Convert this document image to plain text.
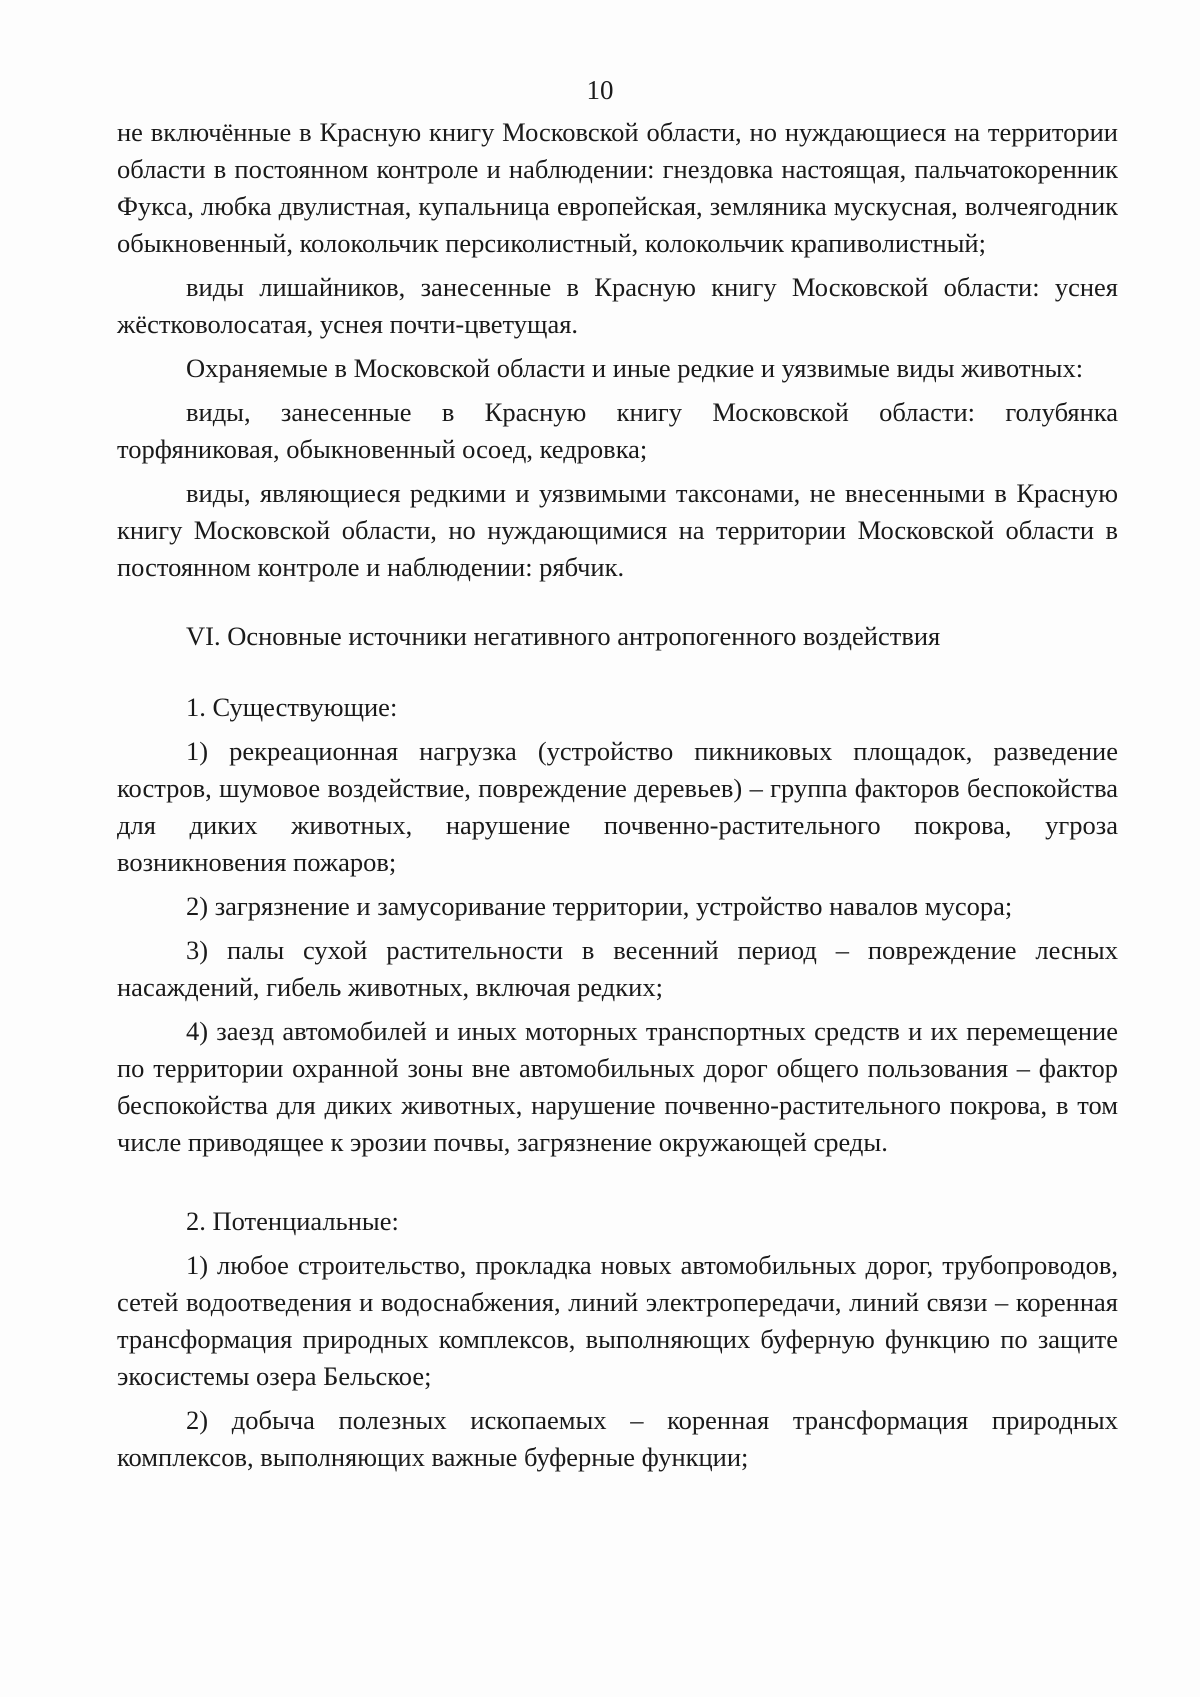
10

не включённые в Красную книгу Московской области, но нуждающиеся на территории области в постоянном контроле и наблюдении: гнездовка настоящая, пальчатокоренник Фукса, любка двулистная, купальница европейская, земляника мускусная, волчеягодник обыкновенный, колокольчик персиколистный, колокольчик крапиволистный;

виды лишайников, занесенные в Красную книгу Московской области: уснея жёстковолосатая, уснея почти-цветущая.

Охраняемые в Московской области и иные редкие и уязвимые виды животных:

виды, занесенные в Красную книгу Московской области: голубянка торфяниковая, обыкновенный осоед, кедровка;

виды, являющиеся редкими и уязвимыми таксонами, не внесенными в Красную книгу Московской области, но нуждающимися на территории Московской области в постоянном контроле и наблюдении: рябчик.

VI. Основные источники негативного антропогенного воздействия

1. Существующие:

1) рекреационная нагрузка (устройство пикниковых площадок, разведение костров, шумовое воздействие, повреждение деревьев) – группа факторов беспокойства для диких животных, нарушение почвенно-растительного покрова, угроза возникновения пожаров;

2) загрязнение и замусоривание территории, устройство навалов мусора;

3) палы сухой растительности в весенний период – повреждение лесных насаждений, гибель животных, включая редких;

4) заезд автомобилей и иных моторных транспортных средств и их перемещение по территории охранной зоны вне автомобильных дорог общего пользования – фактор беспокойства для диких животных, нарушение почвенно-растительного покрова, в том числе приводящее к эрозии почвы, загрязнение окружающей среды.

2. Потенциальные:

1) любое строительство, прокладка новых автомобильных дорог, трубопроводов, сетей водоотведения и водоснабжения, линий электропередачи, линий связи – коренная трансформация природных комплексов, выполняющих буферную функцию по защите экосистемы озера Бельское;

2) добыча полезных ископаемых – коренная трансформация природных комплексов, выполняющих важные буферные функции;
